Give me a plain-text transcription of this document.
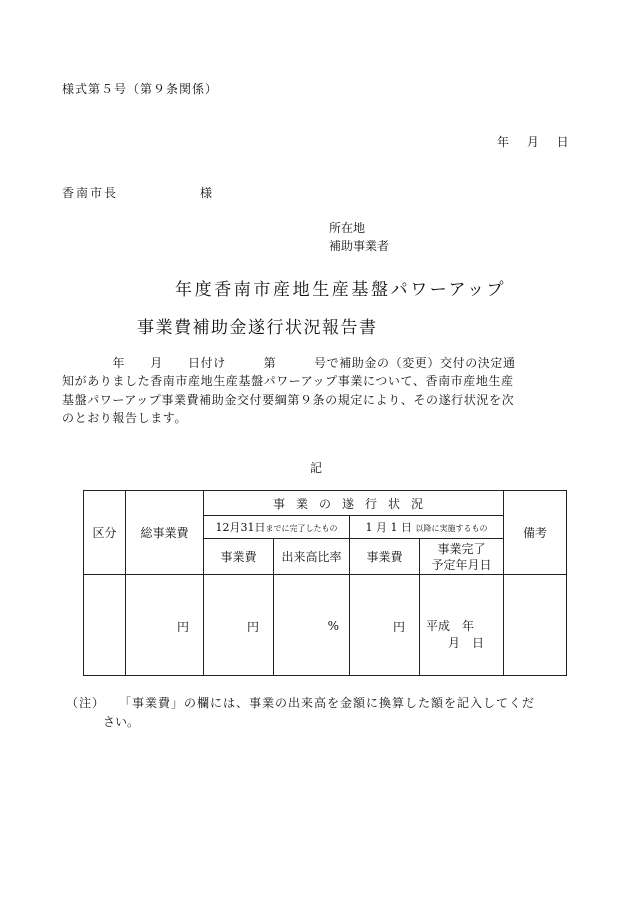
様式第５号（第９条関係）
年 月 日
香南市長	様
所在地
補助事業者
年度香南市産地生産基盤パワーアップ
事業費補助金遂行状況報告書
　　　　年　　月　　日付け　　　第　　　号で補助金の（変更）交付の決定通
知がありました香南市産地生産基盤パワーアップ事業について、香南市産地生産
基盤パワーアップ事業費補助金交付要綱第９条の規定により、その遂行状況を次
のとおり報告します。
記
区分	総事業費	事業の遂行状況				備考
		12月31日までに完了したもの		1 月 1 日 以降に実施するもの		
		事業費	出来高比率	事業費	事業完了
予定年月日	
	円	円	%	円	平成　年
月　日	
（注）　　 「事業費」の欄には、事業の出来高を金額に換算した額を記入してくだ
さい。
